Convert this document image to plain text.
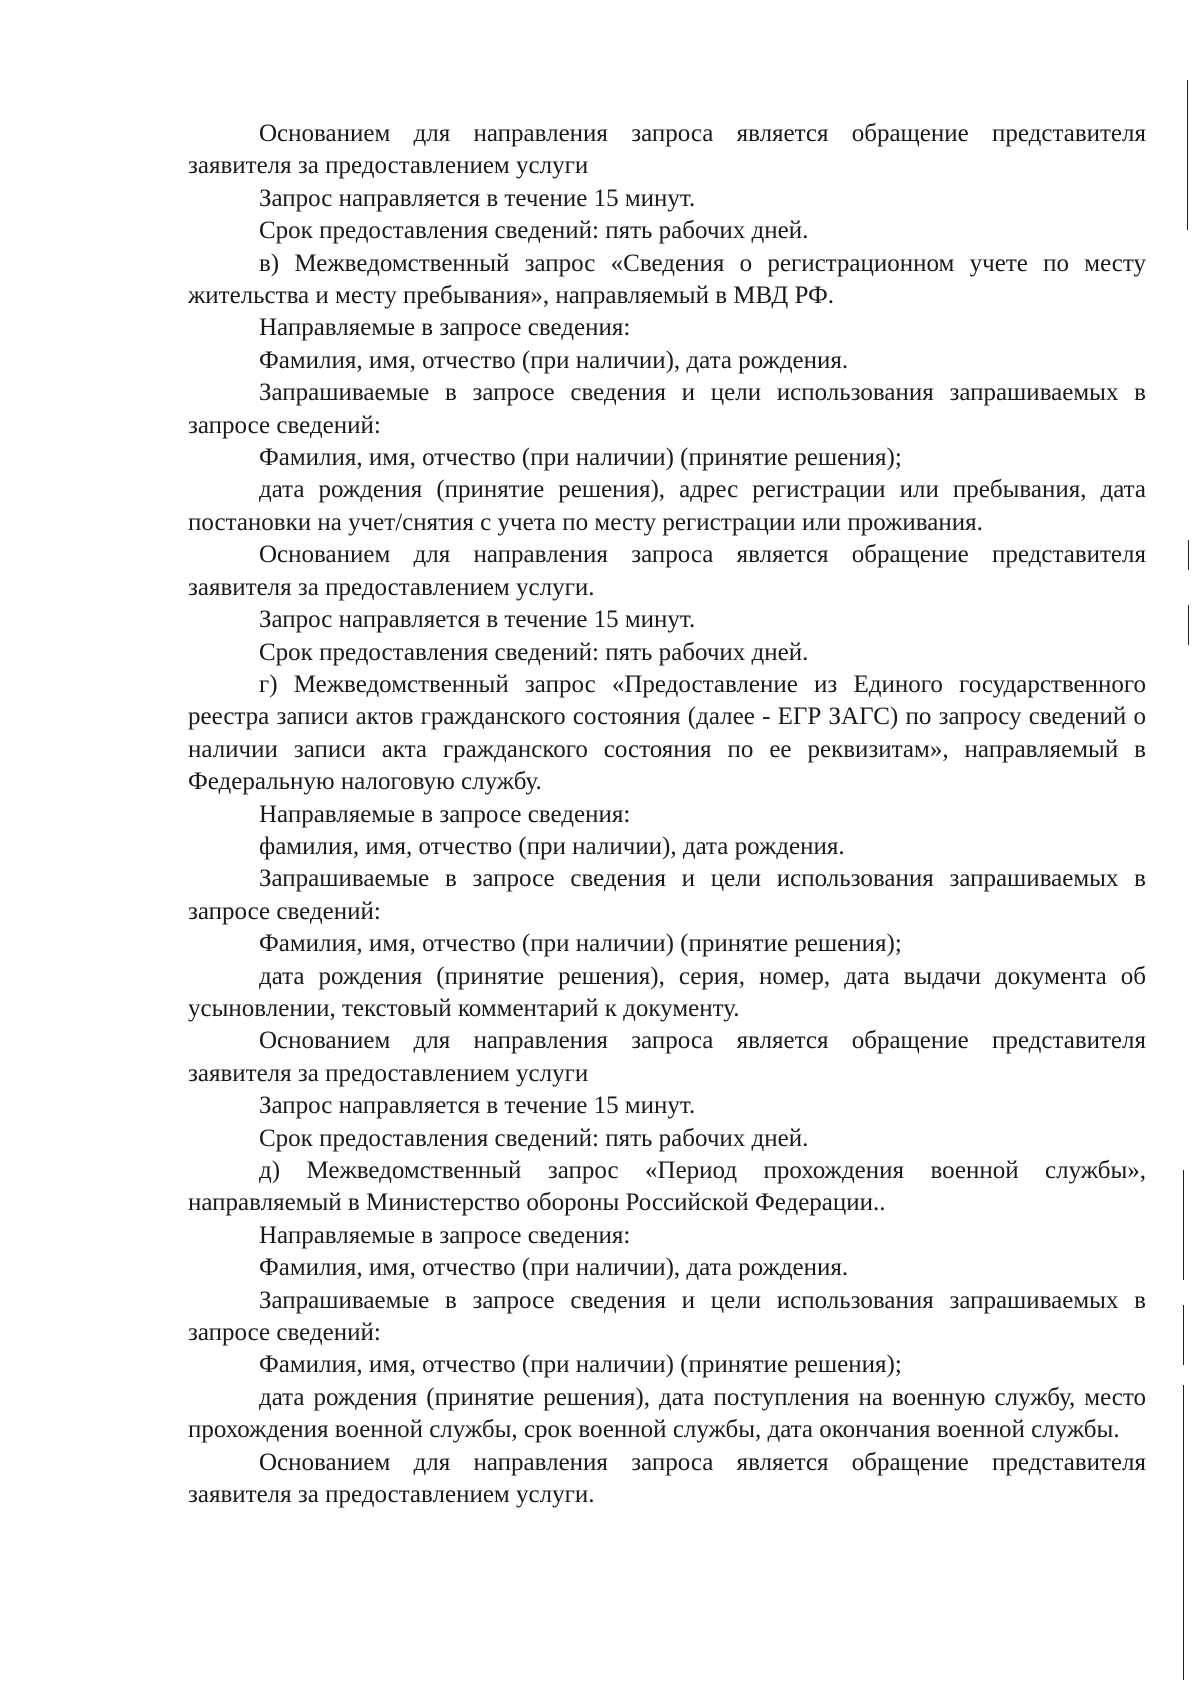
Основанием для направления запроса является обращение представителя заявителя за предоставлением услуги

Запрос направляется в течение 15 минут.

Срок предоставления сведений: пять рабочих дней.

в) Межведомственный запрос «Сведения о регистрационном учете по месту жительства и месту пребывания», направляемый в МВД РФ.

Направляемые в запросе сведения:

Фамилия, имя, отчество (при наличии), дата рождения.

Запрашиваемые в запросе сведения и цели использования запрашиваемых в запросе сведений:

Фамилия, имя, отчество (при наличии) (принятие решения);

дата рождения (принятие решения), адрес регистрации или пребывания, дата постановки на учет/снятия с учета по месту регистрации или проживания.

Основанием для направления запроса является обращение представителя заявителя за предоставлением услуги.

Запрос направляется в течение 15 минут.

Срок предоставления сведений: пять рабочих дней.

г) Межведомственный запрос «Предоставление из Единого государственного реестра записи актов гражданского состояния (далее - ЕГР ЗАГС) по запросу сведений о наличии записи акта гражданского состояния по ее реквизитам», направляемый в Федеральную налоговую службу.

Направляемые в запросе сведения:

фамилия, имя, отчество (при наличии), дата рождения.

Запрашиваемые в запросе сведения и цели использования запрашиваемых в запросе сведений:

Фамилия, имя, отчество (при наличии) (принятие решения);

дата рождения (принятие решения), серия, номер, дата выдачи документа об усыновлении, текстовый комментарий к документу.

Основанием для направления запроса является обращение представителя заявителя за предоставлением услуги

Запрос направляется в течение 15 минут.

Срок предоставления сведений: пять рабочих дней.

д) Межведомственный запрос «Период прохождения военной службы», направляемый в Министерство обороны Российской Федерации..

Направляемые в запросе сведения:

Фамилия, имя, отчество (при наличии), дата рождения.

Запрашиваемые в запросе сведения и цели использования запрашиваемых в запросе сведений:

Фамилия, имя, отчество (при наличии) (принятие решения);

дата рождения (принятие решения), дата поступления на военную службу, место прохождения военной службы, срок военной службы, дата окончания военной службы.

Основанием для направления запроса является обращение представителя заявителя за предоставлением услуги.
